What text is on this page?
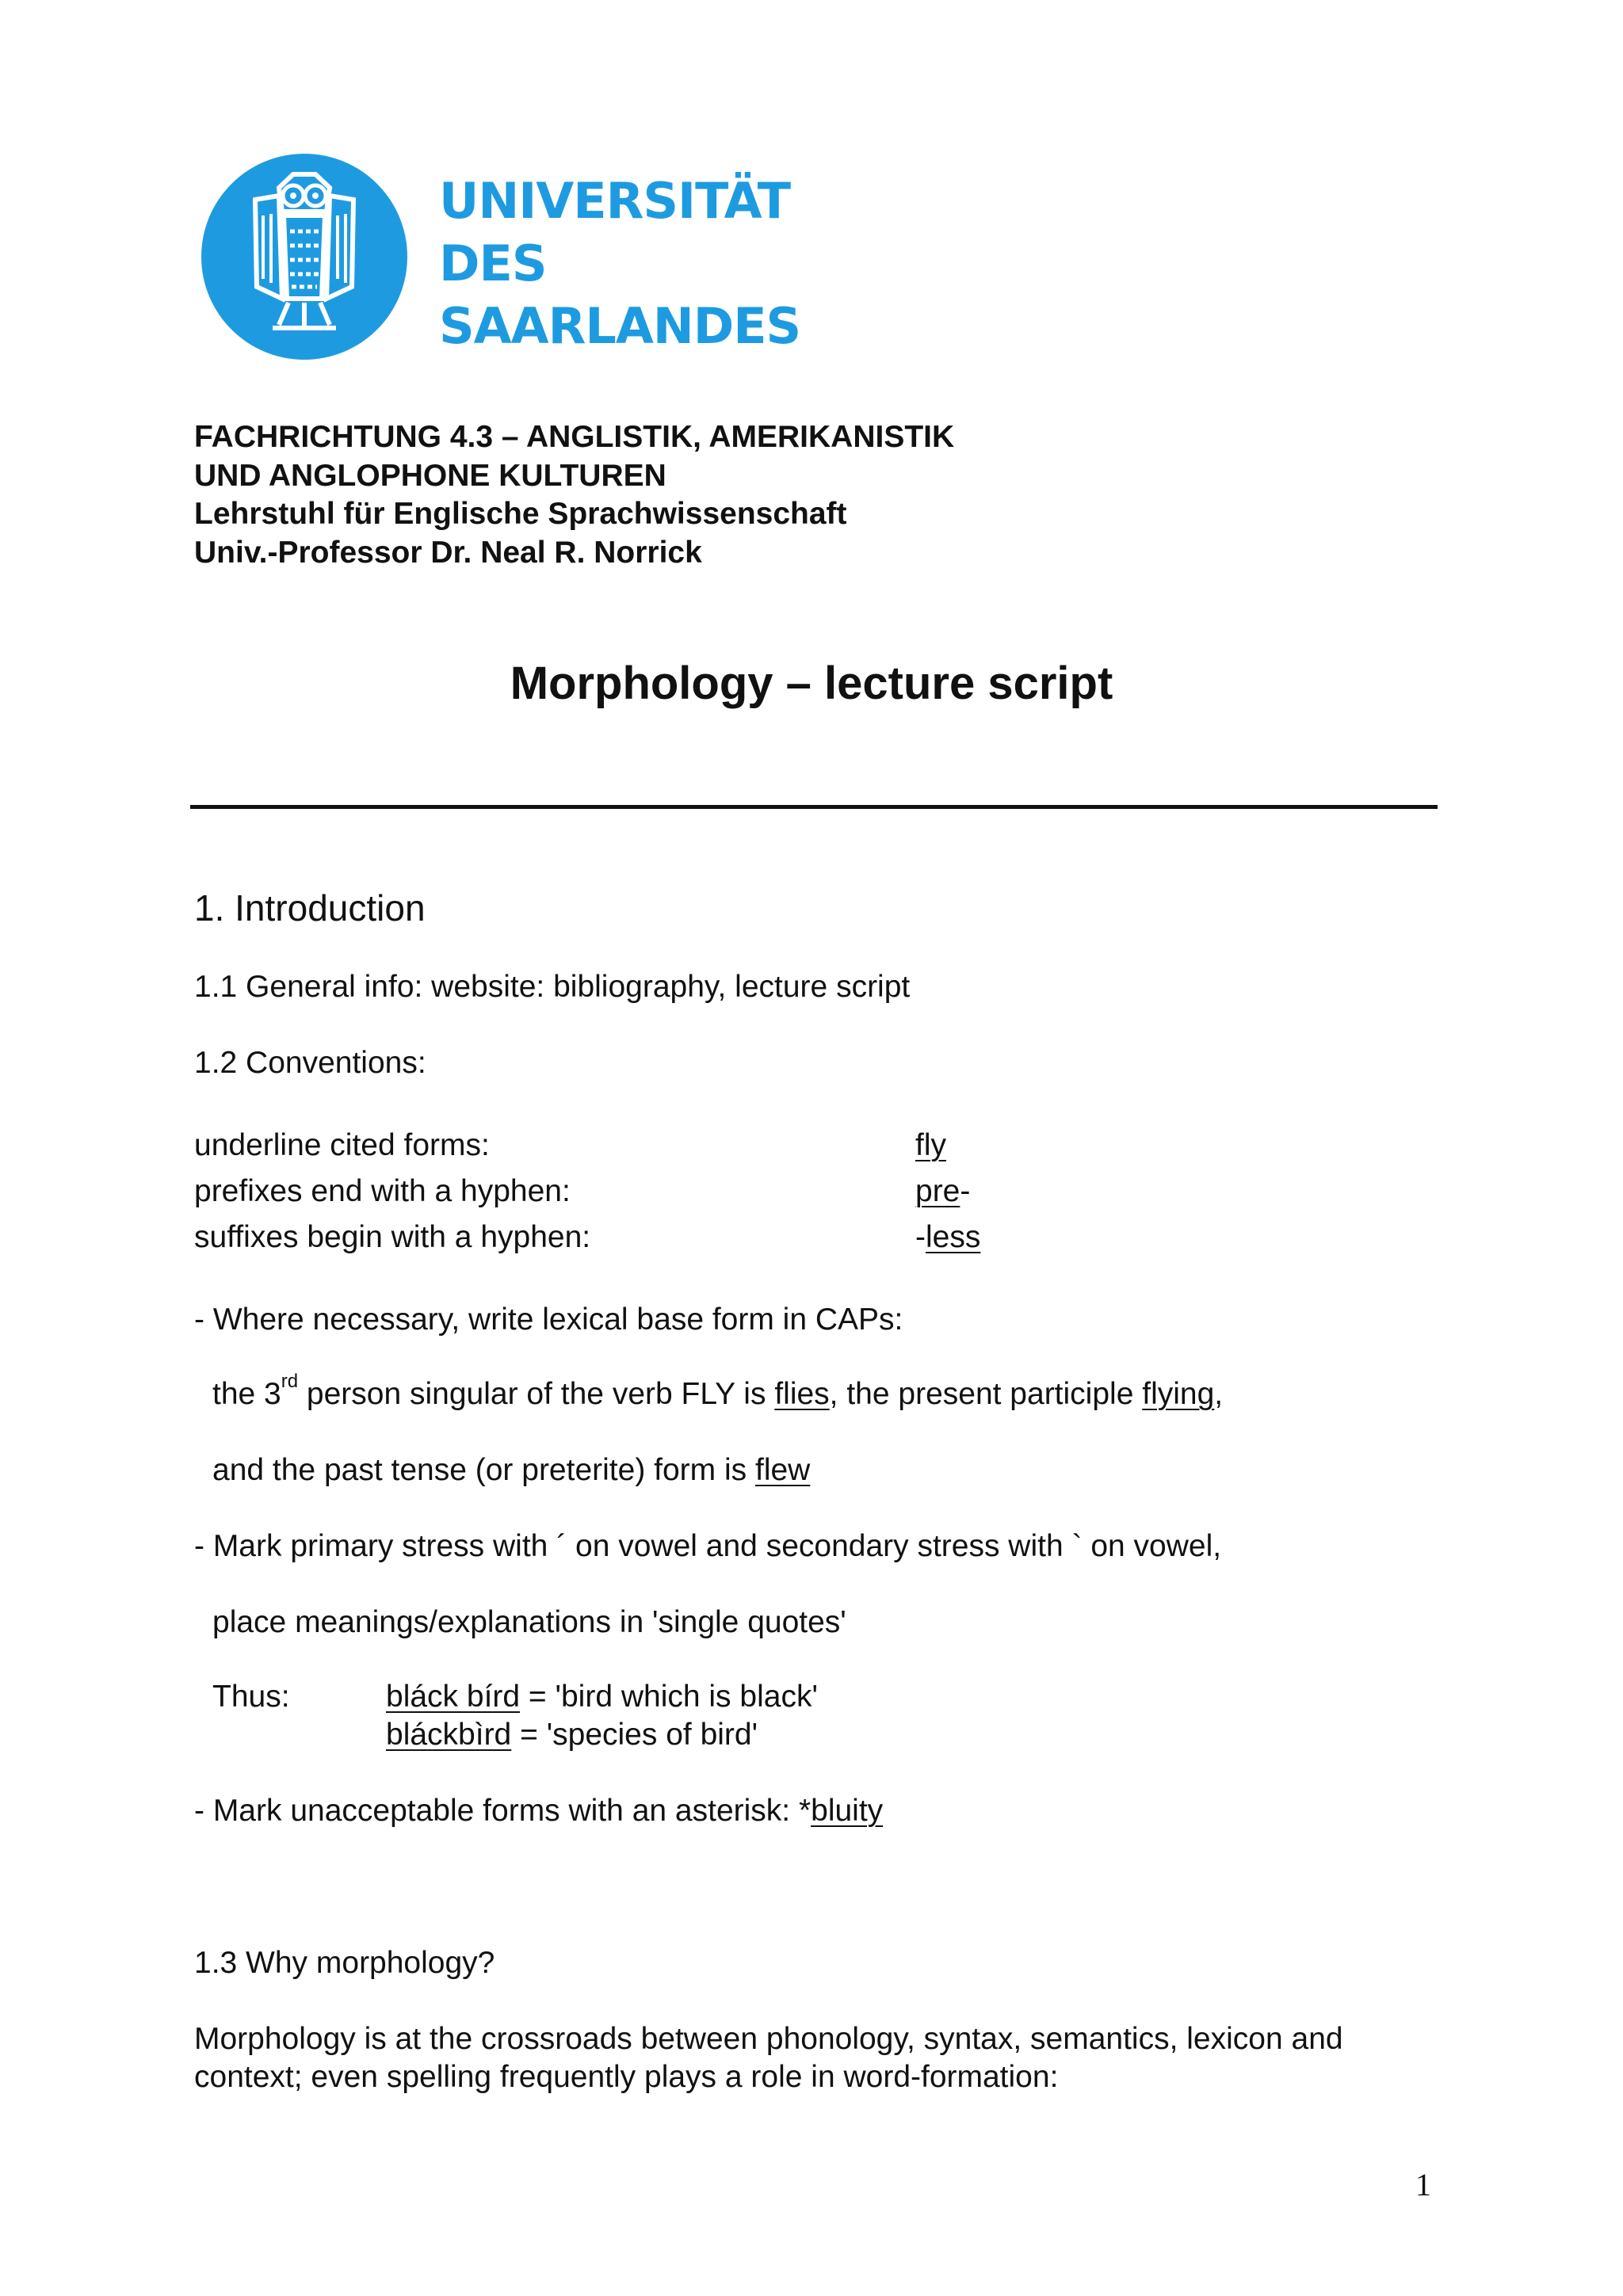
UNIVERSITÄT
DES
SAARLANDES
FACHRICHTUNG 4.3 – ANGLISTIK, AMERIKANISTIK
UND ANGLOPHONE KULTUREN
Lehrstuhl für Englische Sprachwissenschaft
Univ.-Professor Dr. Neal R. Norrick
Morphology – lecture script
1. Introduction
1.1 General info: website: bibliography, lecture script
1.2 Conventions:
underline cited forms:	fly
prefixes end with a hyphen:	pre-
suffixes begin with a hyphen:	-less
- Where necessary, write lexical base form in CAPs:
the 3rd person singular of the verb FLY is flies, the present participle flying,
and the past tense (or preterite) form is flew
- Mark primary stress with ´ on vowel and secondary stress with ` on vowel,
place meanings/explanations in 'single quotes'
Thus:	bláck bírd = 'bird which is black'
bláckbìrd = 'species of bird'
- Mark unacceptable forms with an asterisk: *bluity
1.3 Why morphology?
Morphology is at the crossroads between phonology, syntax, semantics, lexicon and
context; even spelling frequently plays a role in word-formation:
1
